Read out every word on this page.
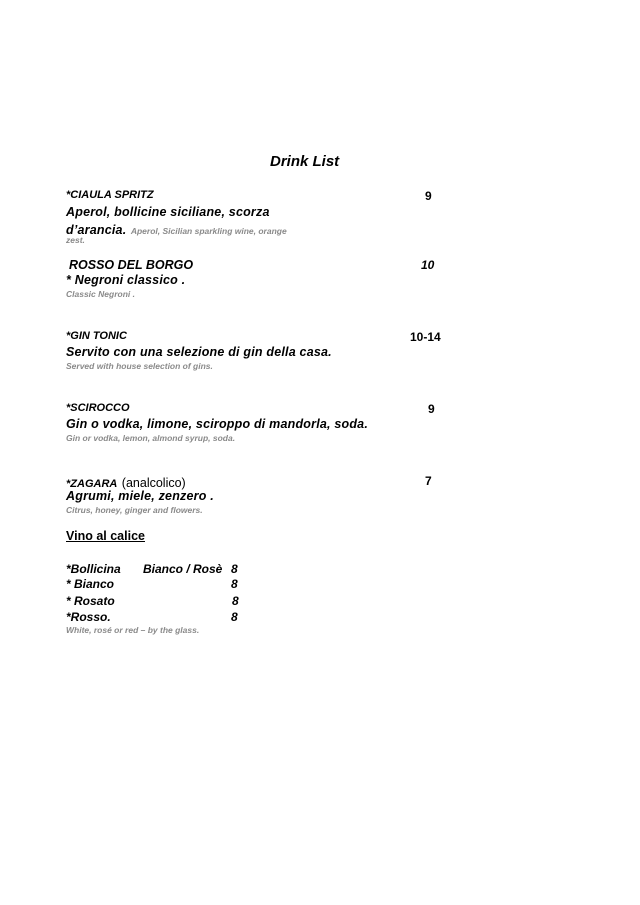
Drink List
*CIAULA SPRITZ	9
Aperol, bollicine siciliane, scorza
d’arancia. Aperol, Sicilian sparkling wine, orange
zest.
ROSSO DEL BORGO	10
* Negroni classico .
Classic Negroni .
*GIN TONIC	10-14
Servito con una selezione di gin della casa.
Served with house selection of gins.
*SCIROCCO	9
Gin o vodka, limone, sciroppo di mandorla, soda.
Gin or vodka, lemon, almond syrup, soda.
*ZAGARA (analcolico)	7
Agrumi, miele, zenzero .
Citrus, honey, ginger and flowers.
Vino al calice
*Bollicina Bianco / Rosè 8
* Bianco	8
* Rosato	8
*Rosso.	8
White, rosé or red – by the glass.
